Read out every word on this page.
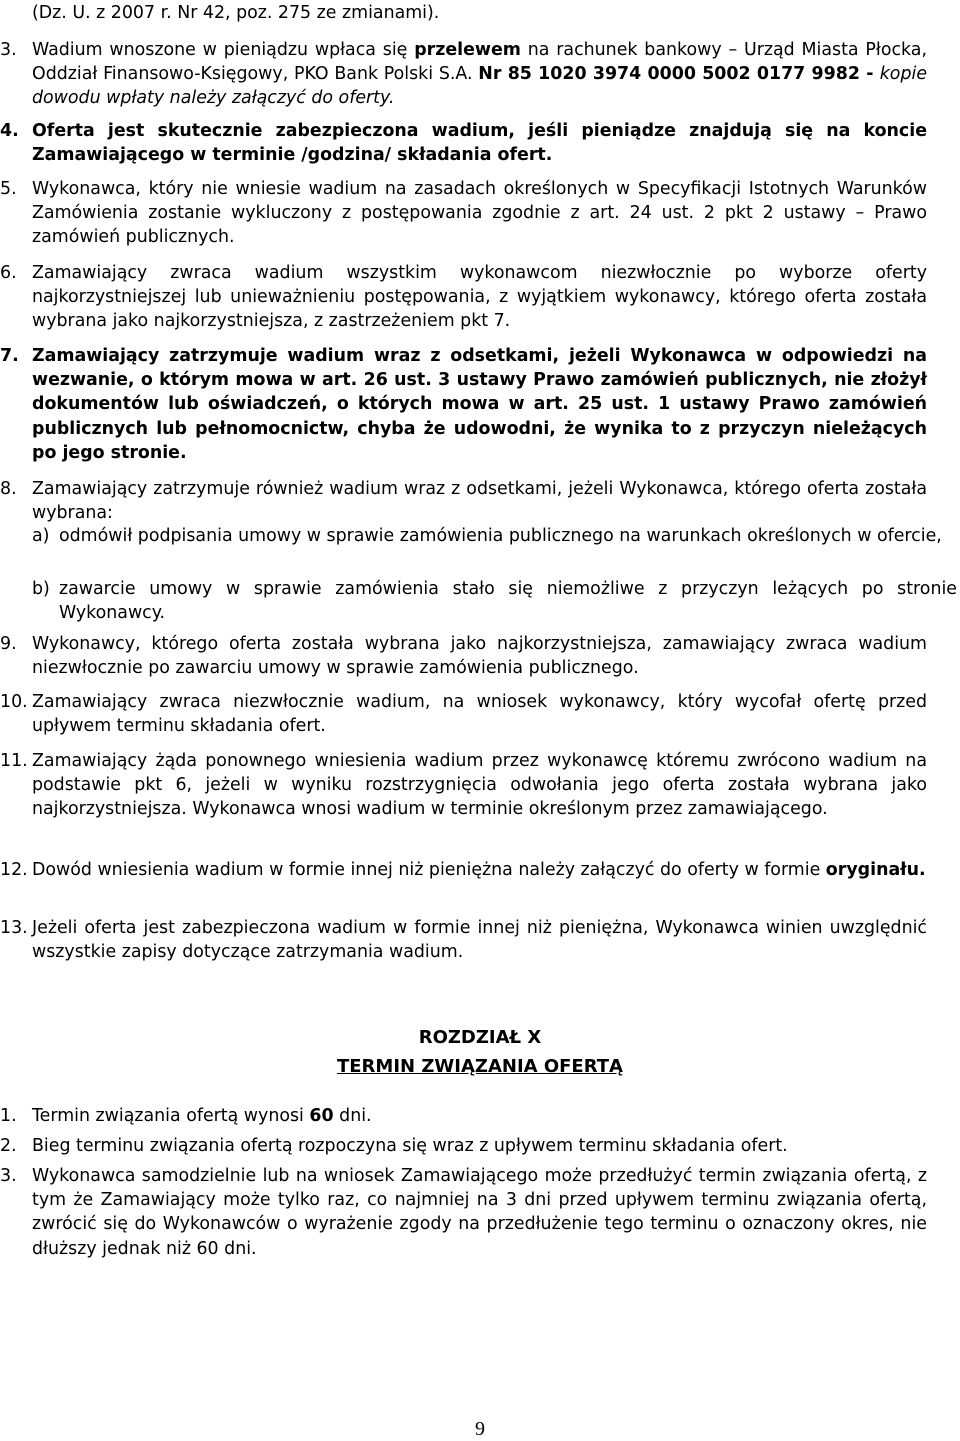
(Dz. U. z 2007 r. Nr 42, poz. 275 ze zmianami).
3. Wadium wnoszone w pieniądzu wpłaca się przelewem na rachunek bankowy – Urząd Miasta Płocka, Oddział Finansowo-Księgowy, PKO Bank Polski S.A. Nr 85 1020 3974 0000 5002 0177 9982 - kopie dowodu wpłaty należy załączyć do oferty.
4. Oferta jest skutecznie zabezpieczona wadium, jeśli pieniądze znajdują się na koncie Zamawiającego w terminie /godzina/ składania ofert.
5. Wykonawca, który nie wniesie wadium na zasadach określonych w Specyfikacji Istotnych Warunków Zamówienia zostanie wykluczony z postępowania zgodnie z art. 24 ust. 2 pkt 2 ustawy – Prawo zamówień publicznych.
6. Zamawiający zwraca wadium wszystkim wykonawcom niezwłocznie po wyborze oferty najkorzystniejszej lub unieważnieniu postępowania, z wyjątkiem wykonawcy, którego oferta została wybrana jako najkorzystniejsza, z zastrzeżeniem pkt 7.
7. Zamawiający zatrzymuje wadium wraz z odsetkami, jeżeli Wykonawca w odpowiedzi na wezwanie, o którym mowa w art. 26 ust. 3 ustawy Prawo zamówień publicznych, nie złożył dokumentów lub oświadczeń, o których mowa w art. 25 ust. 1 ustawy Prawo zamówień publicznych lub pełnomocnictw, chyba że udowodni, że wynika to z przyczyn nieleżących po jego stronie.
8. Zamawiający zatrzymuje również wadium wraz z odsetkami, jeżeli Wykonawca, którego oferta została wybrana:
a) odmówił podpisania umowy w sprawie zamówienia publicznego na warunkach określonych w ofercie,
b) zawarcie umowy w sprawie zamówienia stało się niemożliwe z przyczyn leżących po stronie Wykonawcy.
9. Wykonawcy, którego oferta została wybrana jako najkorzystniejsza, zamawiający zwraca wadium niezwłocznie po zawarciu umowy w sprawie zamówienia publicznego.
10. Zamawiający zwraca niezwłocznie wadium, na wniosek wykonawcy, który wycofał ofertę przed upływem terminu składania ofert.
11. Zamawiający żąda ponownego wniesienia wadium przez wykonawcę któremu zwrócono wadium na podstawie pkt 6, jeżeli w wyniku rozstrzygnięcia odwołania jego oferta została wybrana jako najkorzystniejsza. Wykonawca wnosi wadium w terminie określonym przez zamawiającego.
12. Dowód wniesienia wadium w formie innej niż pieniężna należy załączyć do oferty w formie oryginału.
13. Jeżeli oferta jest zabezpieczona wadium w formie innej niż pieniężna, Wykonawca winien uwzględnić wszystkie zapisy dotyczące zatrzymania wadium.
ROZDZIAŁ X
TERMIN ZWIĄZANIA OFERTĄ
1. Termin związania ofertą wynosi 60 dni.
2. Bieg terminu związania ofertą rozpoczyna się wraz z upływem terminu składania ofert.
3. Wykonawca samodzielnie lub na wniosek Zamawiającego może przedłużyć termin związania ofertą, z tym że Zamawiający może tylko raz, co najmniej na 3 dni przed upływem terminu związania ofertą, zwrócić się do Wykonawców o wyrażenie zgody na przedłużenie tego terminu o oznaczony okres, nie dłuższy jednak niż 60 dni.
9
